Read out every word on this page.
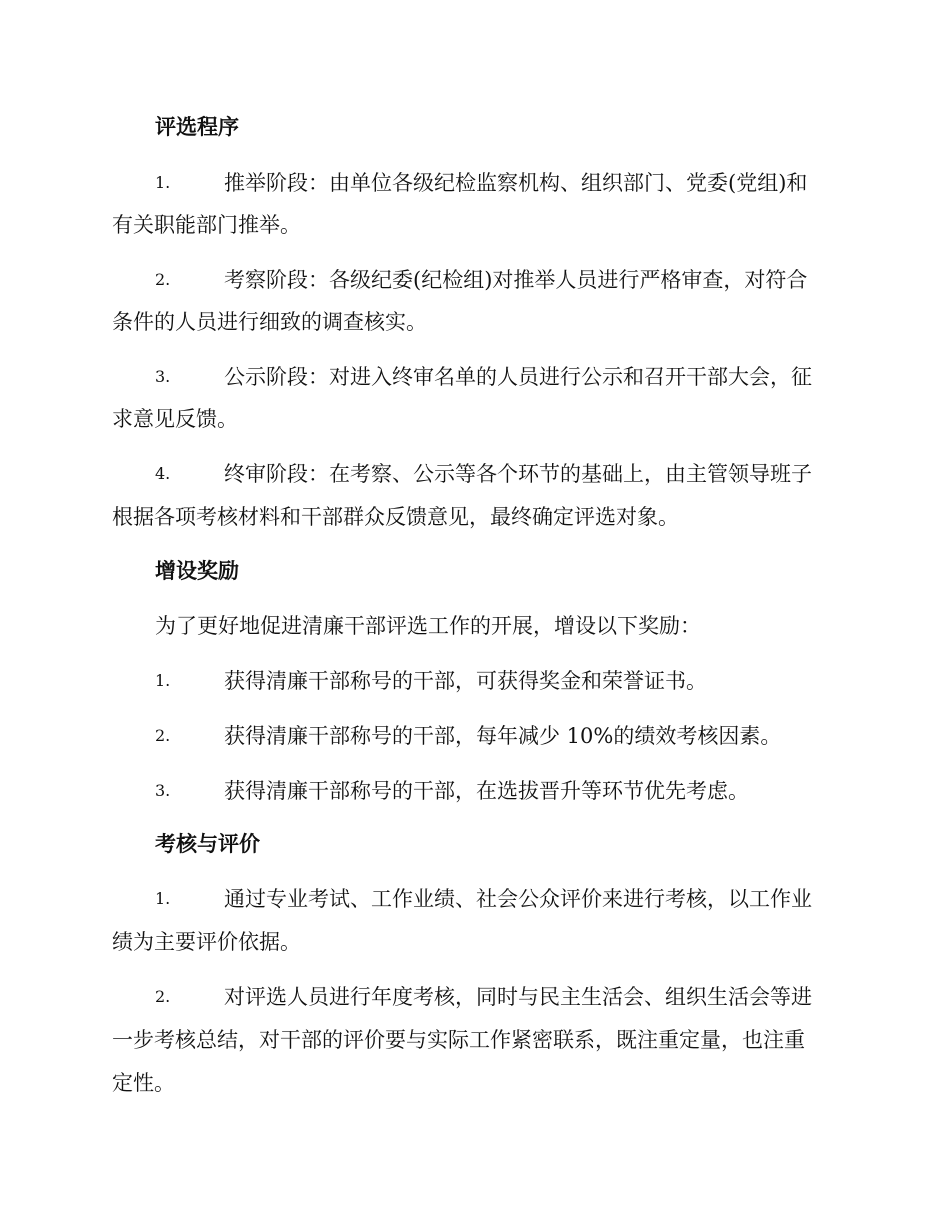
评选程序
1.	推举阶段：由单位各级纪检监察机构、组织部门、党委(党组)和
有关职能部门推举。
2.	考察阶段：各级纪委(纪检组)对推举人员进行严格审查，对符合
条件的人员进行细致的调查核实。
3.	公示阶段：对进入终审名单的人员进行公示和召开干部大会，征
求意见反馈。
4.	终审阶段：在考察、公示等各个环节的基础上，由主管领导班子
根据各项考核材料和干部群众反馈意见，最终确定评选对象。
增设奖励
为了更好地促进清廉干部评选工作的开展，增设以下奖励：
1.	获得清廉干部称号的干部，可获得奖金和荣誉证书。
2.	获得清廉干部称号的干部，每年减少 10%的绩效考核因素。
3.	获得清廉干部称号的干部，在选拔晋升等环节优先考虑。
考核与评价
1.	通过专业考试、工作业绩、社会公众评价来进行考核，以工作业
绩为主要评价依据。
2.	对评选人员进行年度考核，同时与民主生活会、组织生活会等进
一步考核总结，对干部的评价要与实际工作紧密联系，既注重定量，也注重
定性。
